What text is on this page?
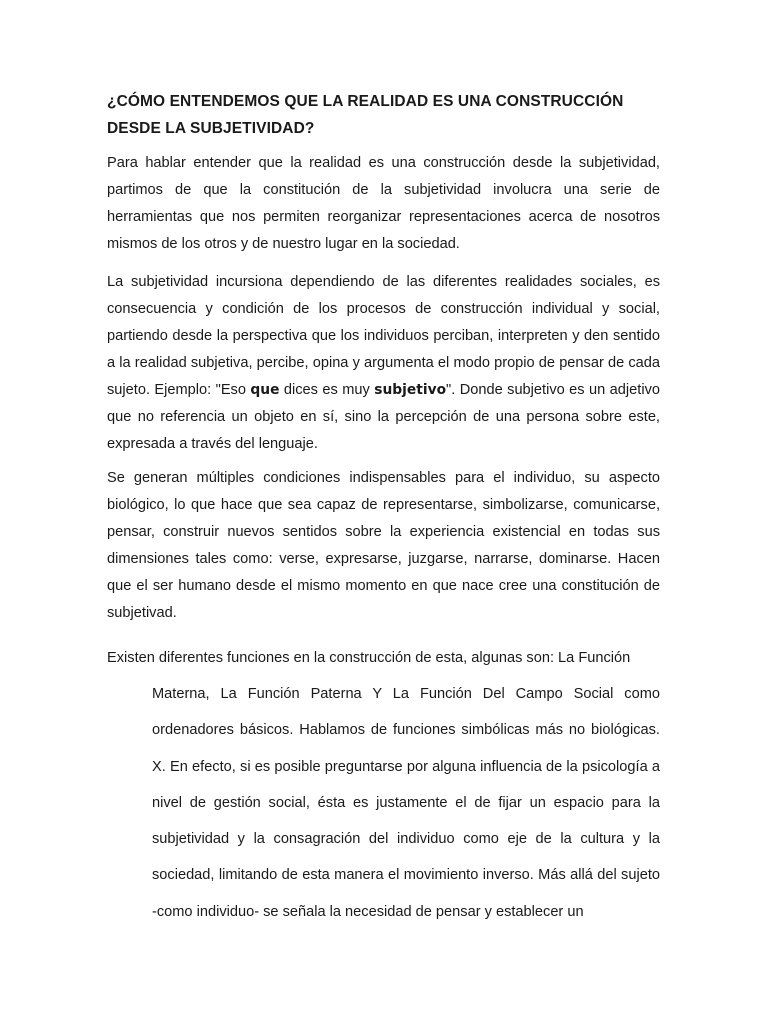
¿CÓMO ENTENDEMOS QUE LA REALIDAD ES UNA CONSTRUCCIÓN DESDE LA SUBJETIVIDAD?

Para hablar entender que la realidad es una construcción desde la subjetividad, partimos de que la constitución de la subjetividad involucra una serie de herramientas que nos permiten reorganizar representaciones acerca de nosotros mismos de los otros y de nuestro lugar en la sociedad.

La subjetividad incursiona dependiendo de las diferentes realidades sociales, es consecuencia y condición de los procesos de construcción individual y social, partiendo desde la perspectiva que los individuos perciban, interpreten y den sentido a la realidad subjetiva, percibe, opina y argumenta el modo propio de pensar de cada sujeto. Ejemplo: "Eso que dices es muy subjetivo". Donde subjetivo es un adjetivo que no referencia un objeto en sí, sino la percepción de una persona sobre este, expresada a través del lenguaje.

Se generan múltiples condiciones indispensables para el individuo, su aspecto biológico, lo que hace que sea capaz de representarse, simbolizarse, comunicarse, pensar, construir nuevos sentidos sobre la experiencia existencial en todas sus dimensiones tales como: verse, expresarse, juzgarse, narrarse, dominarse. Hacen que el ser humano desde el mismo momento en que nace cree una constitución de subjetivad.

Existen diferentes funciones en la construcción de esta, algunas son: La Función

Materna, La Función Paterna Y La Función Del Campo Social como ordenadores básicos. Hablamos de funciones simbólicas más no biológicas. X. En efecto, si es posible preguntarse por alguna influencia de la psicología a nivel de gestión social, ésta es justamente el de fijar un espacio para la subjetividad y la consagración del individuo como eje de la cultura y la sociedad, limitando de esta manera el movimiento inverso. Más allá del sujeto -como individuo- se señala la necesidad de pensar y establecer un
